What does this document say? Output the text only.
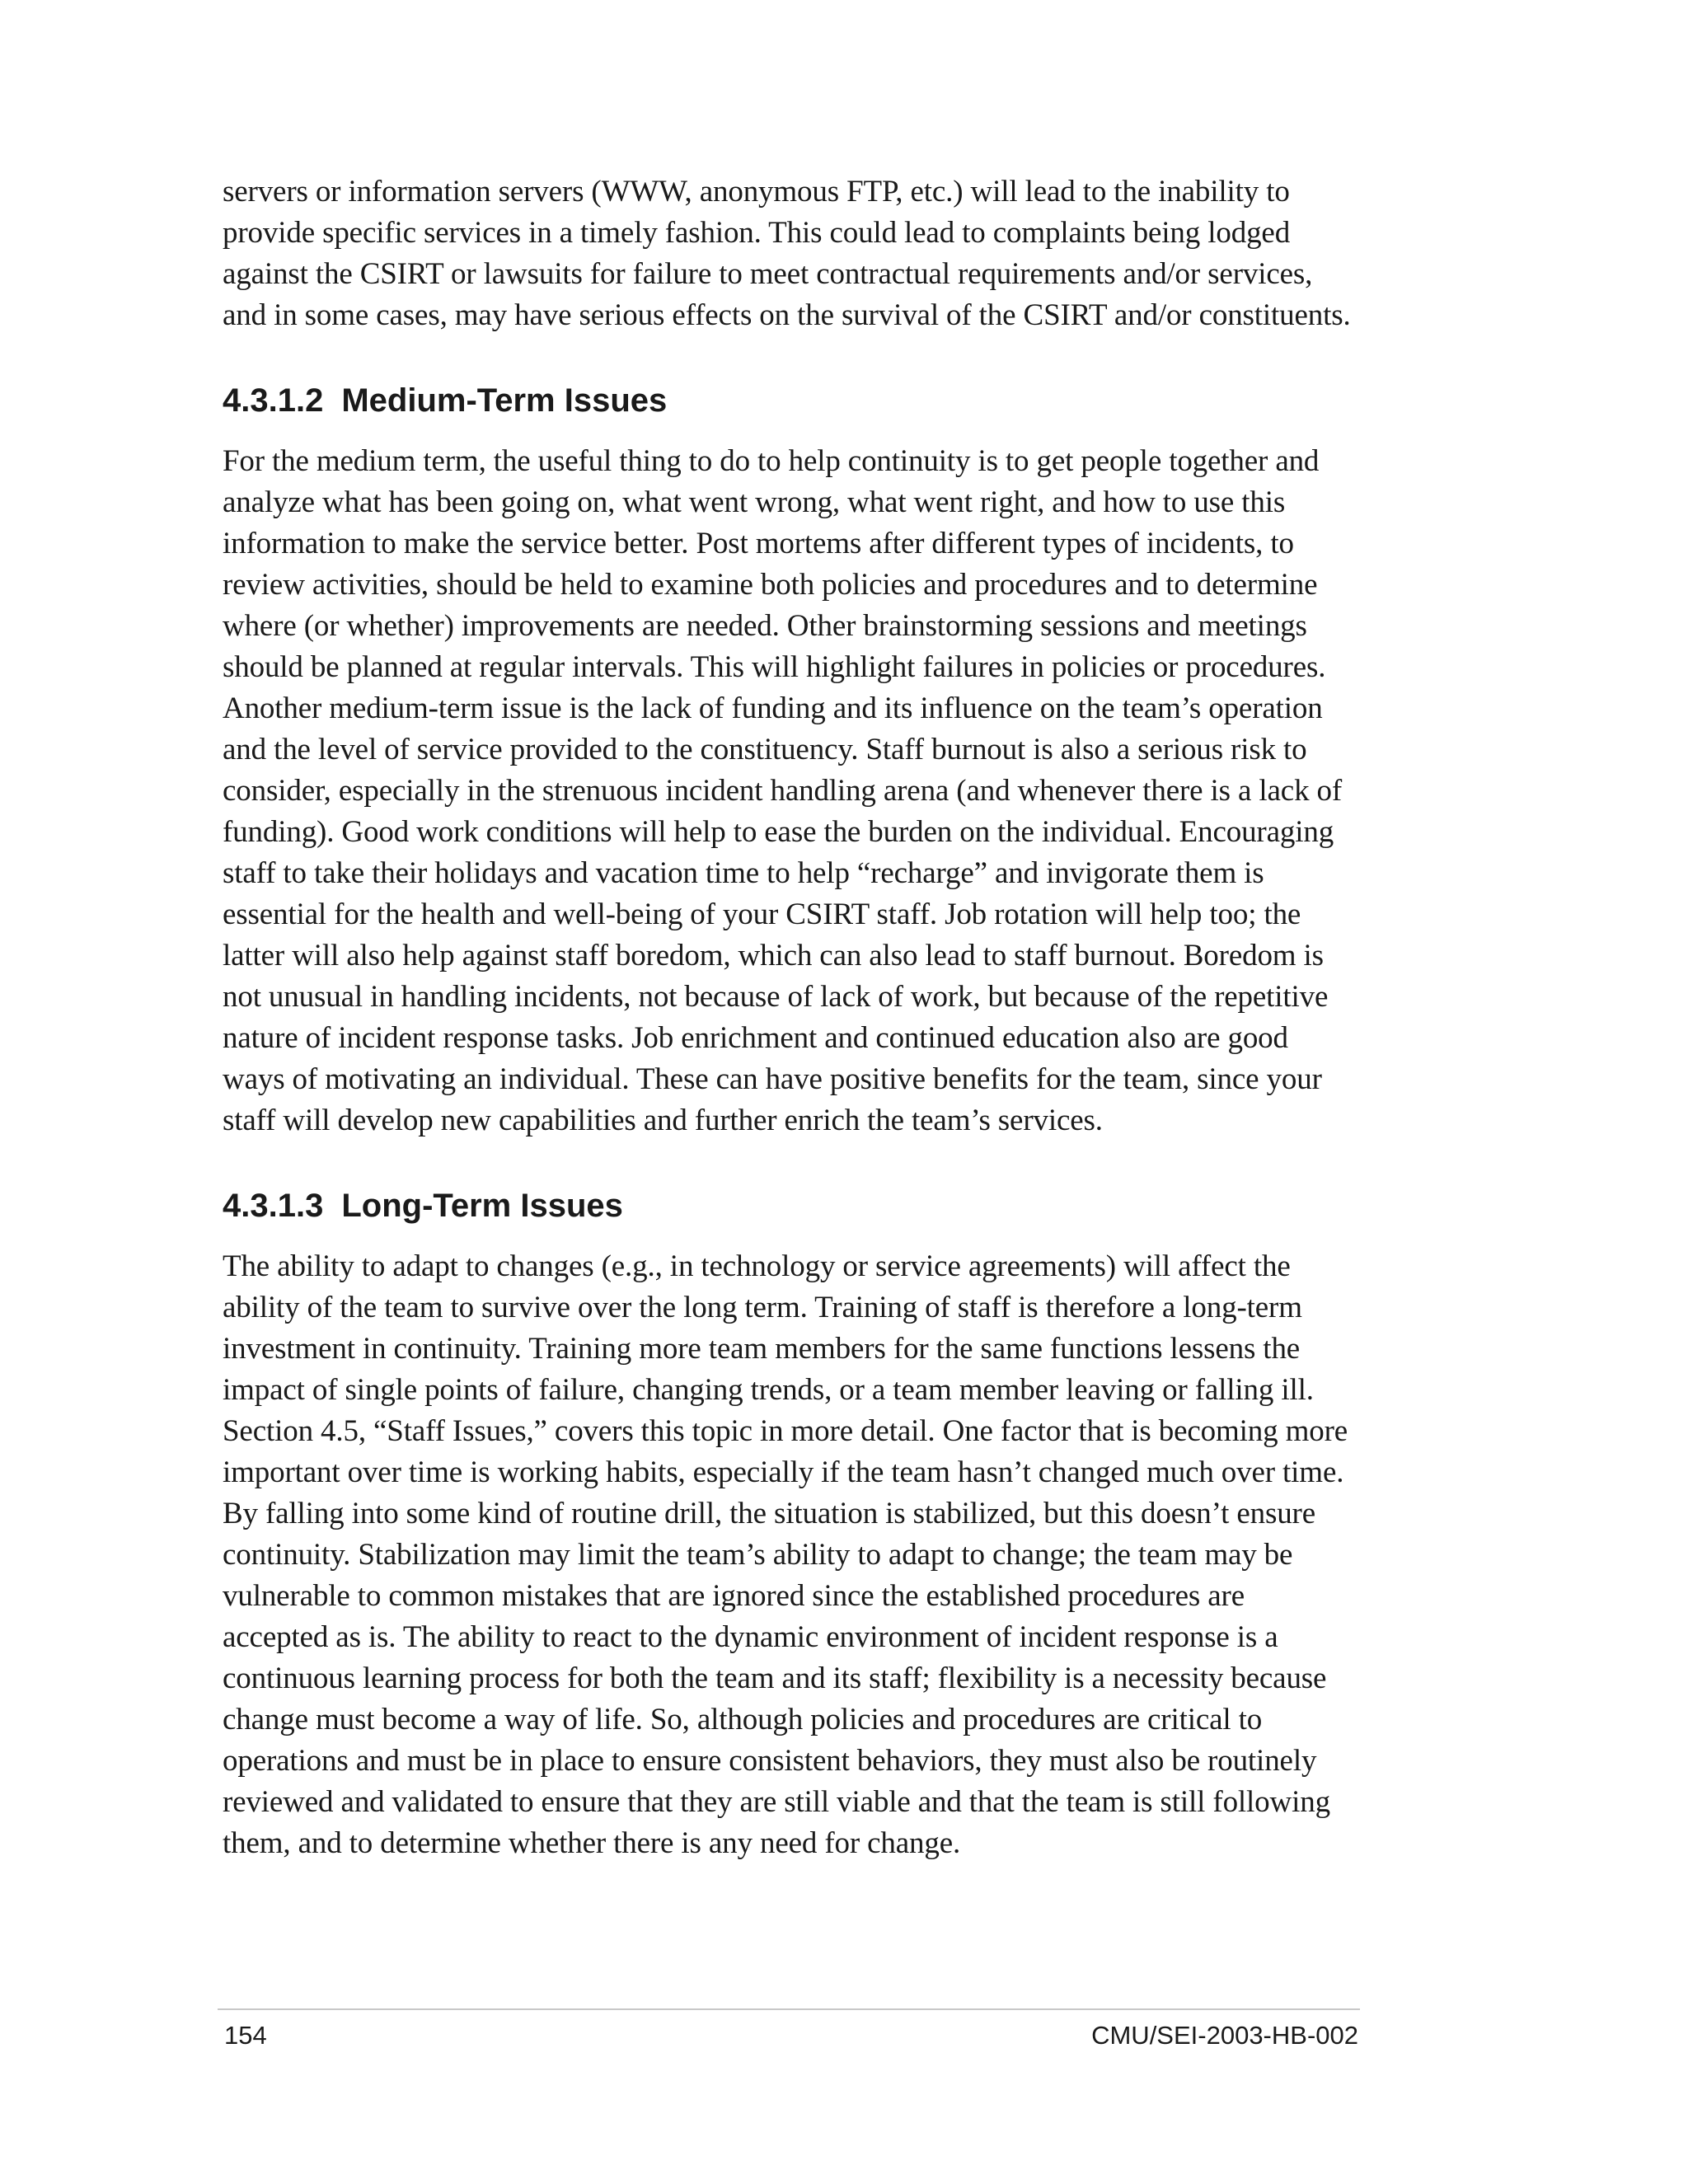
servers or information servers (WWW, anonymous FTP, etc.) will lead to the inability to
provide specific services in a timely fashion. This could lead to complaints being lodged
against the CSIRT or lawsuits for failure to meet contractual requirements and/or services,
and in some cases, may have serious effects on the survival of the CSIRT and/or constituents.

4.3.1.2 Medium-Term Issues

For the medium term, the useful thing to do to help continuity is to get people together and
analyze what has been going on, what went wrong, what went right, and how to use this
information to make the service better. Post mortems after different types of incidents, to
review activities, should be held to examine both policies and procedures and to determine
where (or whether) improvements are needed. Other brainstorming sessions and meetings
should be planned at regular intervals. This will highlight failures in policies or procedures.
Another medium-term issue is the lack of funding and its influence on the team’s operation
and the level of service provided to the constituency. Staff burnout is also a serious risk to
consider, especially in the strenuous incident handling arena (and whenever there is a lack of
funding). Good work conditions will help to ease the burden on the individual. Encouraging
staff to take their holidays and vacation time to help “recharge” and invigorate them is
essential for the health and well-being of your CSIRT staff. Job rotation will help too; the
latter will also help against staff boredom, which can also lead to staff burnout. Boredom is
not unusual in handling incidents, not because of lack of work, but because of the repetitive
nature of incident response tasks. Job enrichment and continued education also are good
ways of motivating an individual. These can have positive benefits for the team, since your
staff will develop new capabilities and further enrich the team’s services.

4.3.1.3 Long-Term Issues

The ability to adapt to changes (e.g., in technology or service agreements) will affect the
ability of the team to survive over the long term. Training of staff is therefore a long-term
investment in continuity. Training more team members for the same functions lessens the
impact of single points of failure, changing trends, or a team member leaving or falling ill.
Section 4.5, “Staff Issues,” covers this topic in more detail. One factor that is becoming more
important over time is working habits, especially if the team hasn’t changed much over time.
By falling into some kind of routine drill, the situation is stabilized, but this doesn’t ensure
continuity. Stabilization may limit the team’s ability to adapt to change; the team may be
vulnerable to common mistakes that are ignored since the established procedures are
accepted as is. The ability to react to the dynamic environment of incident response is a
continuous learning process for both the team and its staff; flexibility is a necessity because
change must become a way of life. So, although policies and procedures are critical to
operations and must be in place to ensure consistent behaviors, they must also be routinely
reviewed and validated to ensure that they are still viable and that the team is still following
them, and to determine whether there is any need for change.

154	CMU/SEI-2003-HB-002
